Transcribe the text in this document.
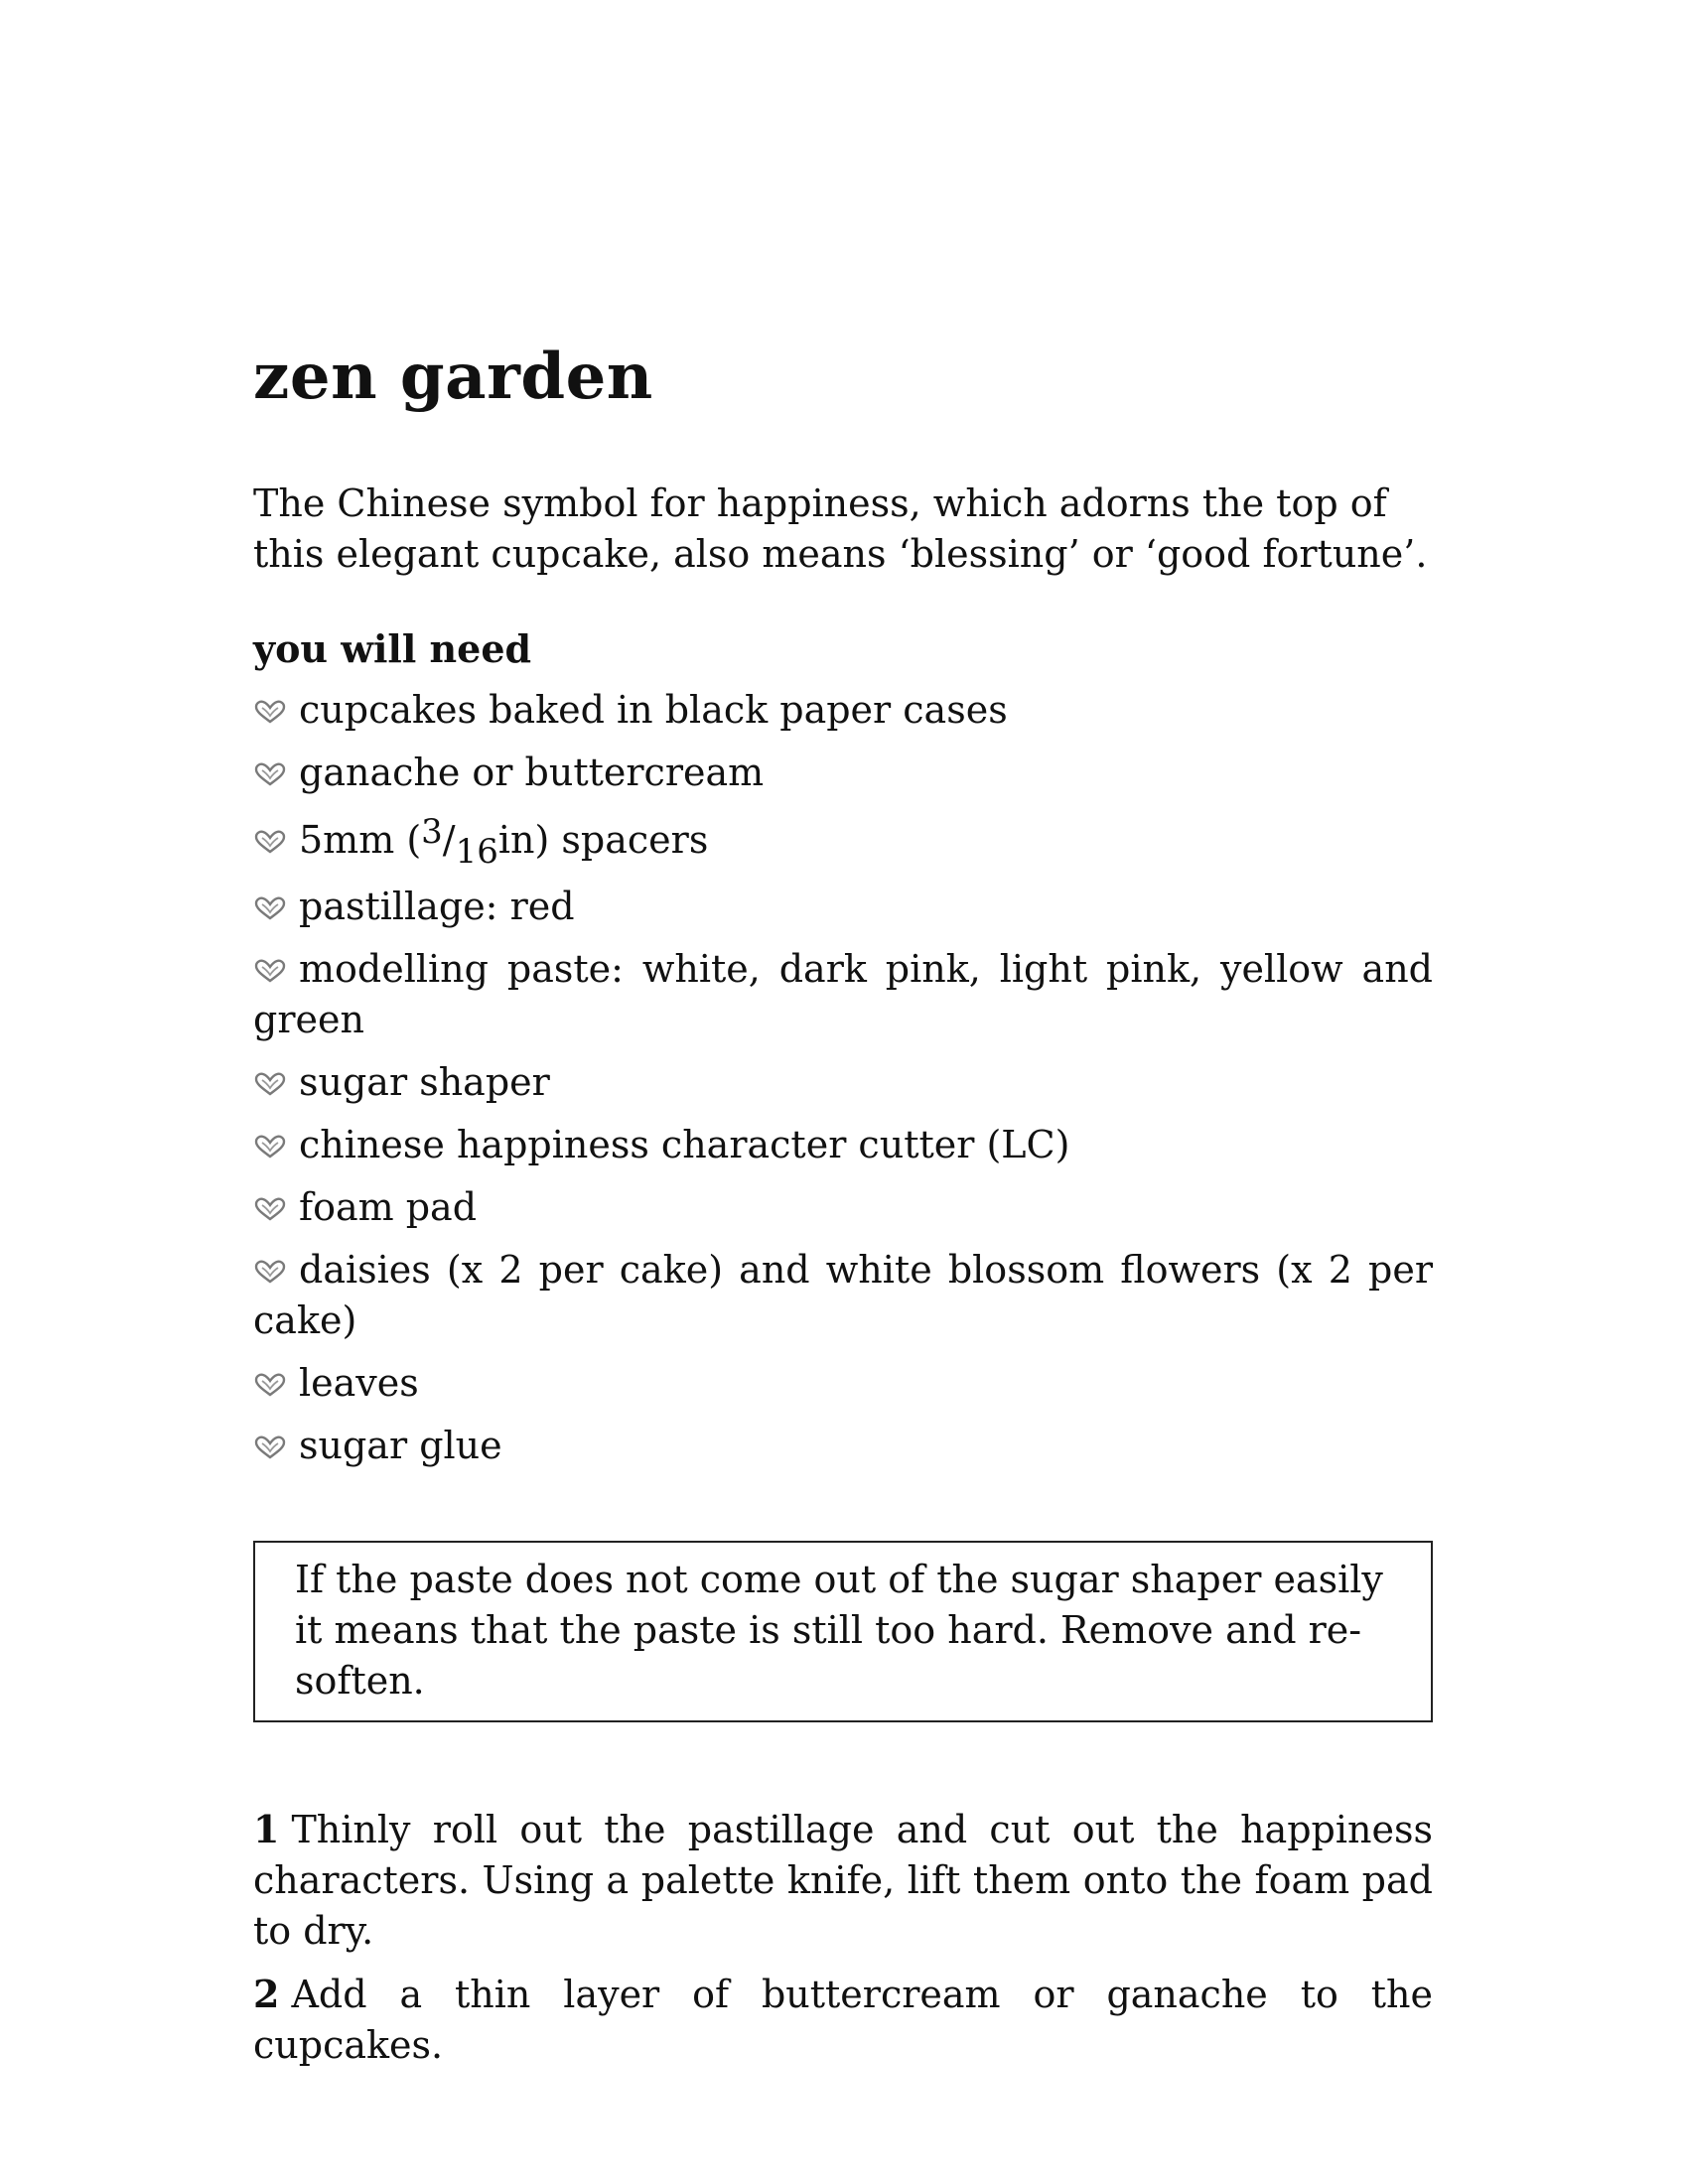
zen garden

The Chinese symbol for happiness, which adorns the top of this elegant cupcake, also means ‘blessing’ or ‘good fortune’.

you will need
cupcakes baked in black paper cases
ganache or buttercream
5mm $(^3/_{16}in)$ spacers
pastillage: red
modelling paste: white, dark pink, light pink, yellow and green
sugar shaper
chinese happiness character cutter (LC)
foam pad
daisies (x 2 per cake) and white blossom flowers (x 2 per cake)
leaves
sugar glue
If the paste does not come out of the sugar shaper easily it means that the paste is still too hard. Remove and re-soften.
1 Thinly roll out the pastillage and cut out the happiness characters. Using a palette knife, lift them onto the foam pad to dry.
2 Add a thin layer of buttercream or ganache to the cupcakes.
